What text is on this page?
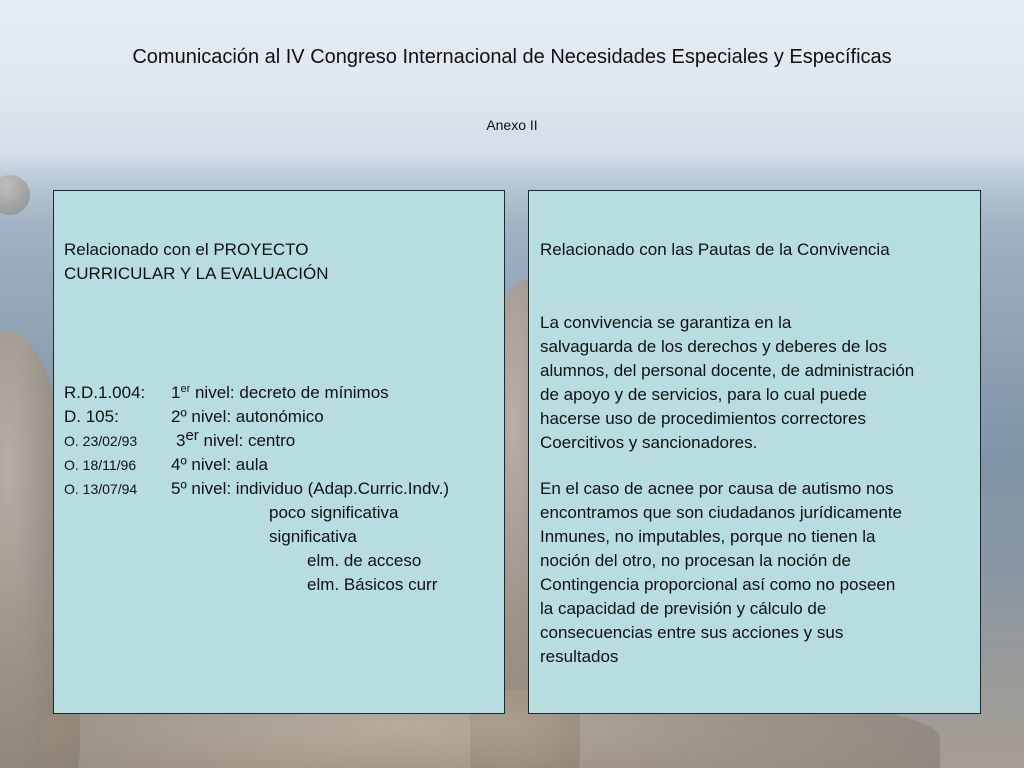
Comunicación al IV Congreso Internacional de Necesidades Especiales y Específicas
Anexo II
Relacionado con el PROYECTO
CURRICULAR Y LA EVALUACIÓN
R.D.1.004: 1er nivel: decreto de mínimos
D. 105:	2º nivel: autonómico
O. 23/02/93 3er nivel: centro
O. 18/11/96 4º nivel: aula
O. 13/07/94 5º nivel: individuo (Adap.Curric.Indv.)
poco significativa
significativa
elm. de acceso
elm. Básicos curr
Relacionado con las Pautas de la Convivencia
La convivencia se garantiza en la
salvaguarda de los derechos y deberes de los
alumnos, del personal docente, de administración
de apoyo y de servicios, para lo cual puede
hacerse uso de procedimientos correctores
Coercitivos y sancionadores.
En el caso de acnee por causa de autismo nos
encontramos que son ciudadanos jurídicamente
Inmunes, no imputables, porque no tienen la
noción del otro, no procesan la noción de
Contingencia proporcional así como no poseen
la capacidad de previsión y cálculo de
consecuencias entre sus acciones y sus
resultados
